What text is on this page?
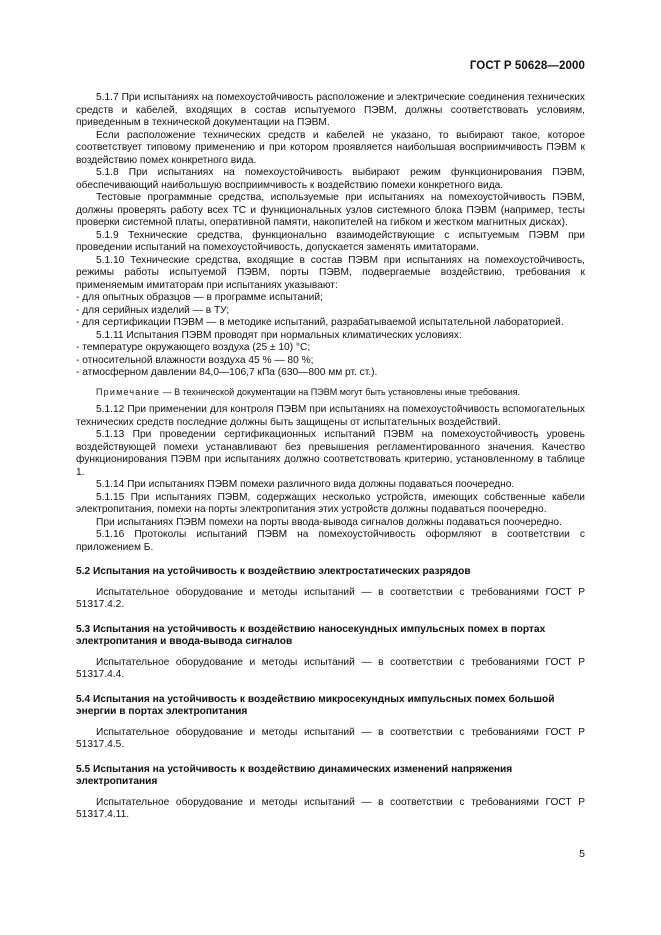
ГОСТ Р 50628—2000

5.1.7 При испытаниях на помехоустойчивость расположение и электрические соединения технических средств и кабелей, входящих в состав испытуемого ПЭВМ, должны соответствовать условиям, приведенным в технической документации на ПЭВМ.

Если расположение технических средств и кабелей не указано, то выбирают такое, которое соответствует типовому применению и при котором проявляется наибольшая восприимчивость ПЭВМ к воздействию помех конкретного вида.

5.1.8 При испытаниях на помехоустойчивость выбирают режим функционирования ПЭВМ, обеспечивающий наибольшую восприимчивость к воздействию помехи конкретного вида.

Тестовые программные средства, используемые при испытаниях на помехоустойчивость ПЭВМ, должны проверять работу всех ТС и функциональных узлов системного блока ПЭВМ (например, тесты проверки системной платы, оперативной памяти, накопителей на гибком и жестком магнитных дисках).

5.1.9 Технические средства, функционально взаимодействующие с испытуемым ПЭВМ при проведении испытаний на помехоустойчивость, допускается заменять имитаторами.

5.1.10 Технические средства, входящие в состав ПЭВМ при испытаниях на помехоустойчивость, режимы работы испытуемой ПЭВМ, порты ПЭВМ, подвергаемые воздействию, требования к применяемым имитаторам при испытаниях указывают:

- для опытных образцов — в программе испытаний;

- для серийных изделий — в ТУ;

- для сертификации ПЭВМ — в методике испытаний, разрабатываемой испытательной лабораторией.

5.1.11 Испытания ПЭВМ проводят при нормальных климатических условиях:

- температуре окружающего воздуха (25 ± 10) °С;

- относительной влажности воздуха 45 % — 80 %;

- атмосферном давлении 84,0—106,7 кПа (630—800 мм рт. ст.).

Примечание — В технической документации на ПЭВМ могут быть установлены иные требования.

5.1.12 При применении для контроля ПЭВМ при испытаниях на помехоустойчивость вспомогательных технических средств последние должны быть защищены от испытательных воздействий.

5.1.13 При проведении сертификационных испытаний ПЭВМ на помехоустойчивость уровень воздействующей помехи устанавливают без превышения регламентированного значения. Качество функционирования ПЭВМ при испытаниях должно соответствовать критерию, установленному в таблице 1.

5.1.14 При испытаниях ПЭВМ помехи различного вида должны подаваться поочередно.

5.1.15 При испытаниях ПЭВМ, содержащих несколько устройств, имеющих собственные кабели электропитания, помехи на порты электропитания этих устройств должны подаваться поочередно.

При испытаниях ПЭВМ помехи на порты ввода-вывода сигналов должны подаваться поочередно.

5.1.16 Протоколы испытаний ПЭВМ на помехоустойчивость оформляют в соответствии с приложением Б.

5.2 Испытания на устойчивость к воздействию электростатических разрядов

Испытательное оборудование и методы испытаний — в соответствии с требованиями ГОСТ Р 51317.4.2.

5.3 Испытания на устойчивость к воздействию наносекундных импульсных помех в портах электропитания и ввода-вывода сигналов

Испытательное оборудование и методы испытаний — в соответствии с требованиями ГОСТ Р 51317.4.4.

5.4 Испытания на устойчивость к воздействию микросекундных импульсных помех большой энергии в портах электропитания

Испытательное оборудование и методы испытаний — в соответствии с требованиями ГОСТ Р 51317.4.5.

5.5 Испытания на устойчивость к воздействию динамических изменений напряжения электропитания

Испытательное оборудование и методы испытаний — в соответствии с требованиями ГОСТ Р 51317.4.11.

5
